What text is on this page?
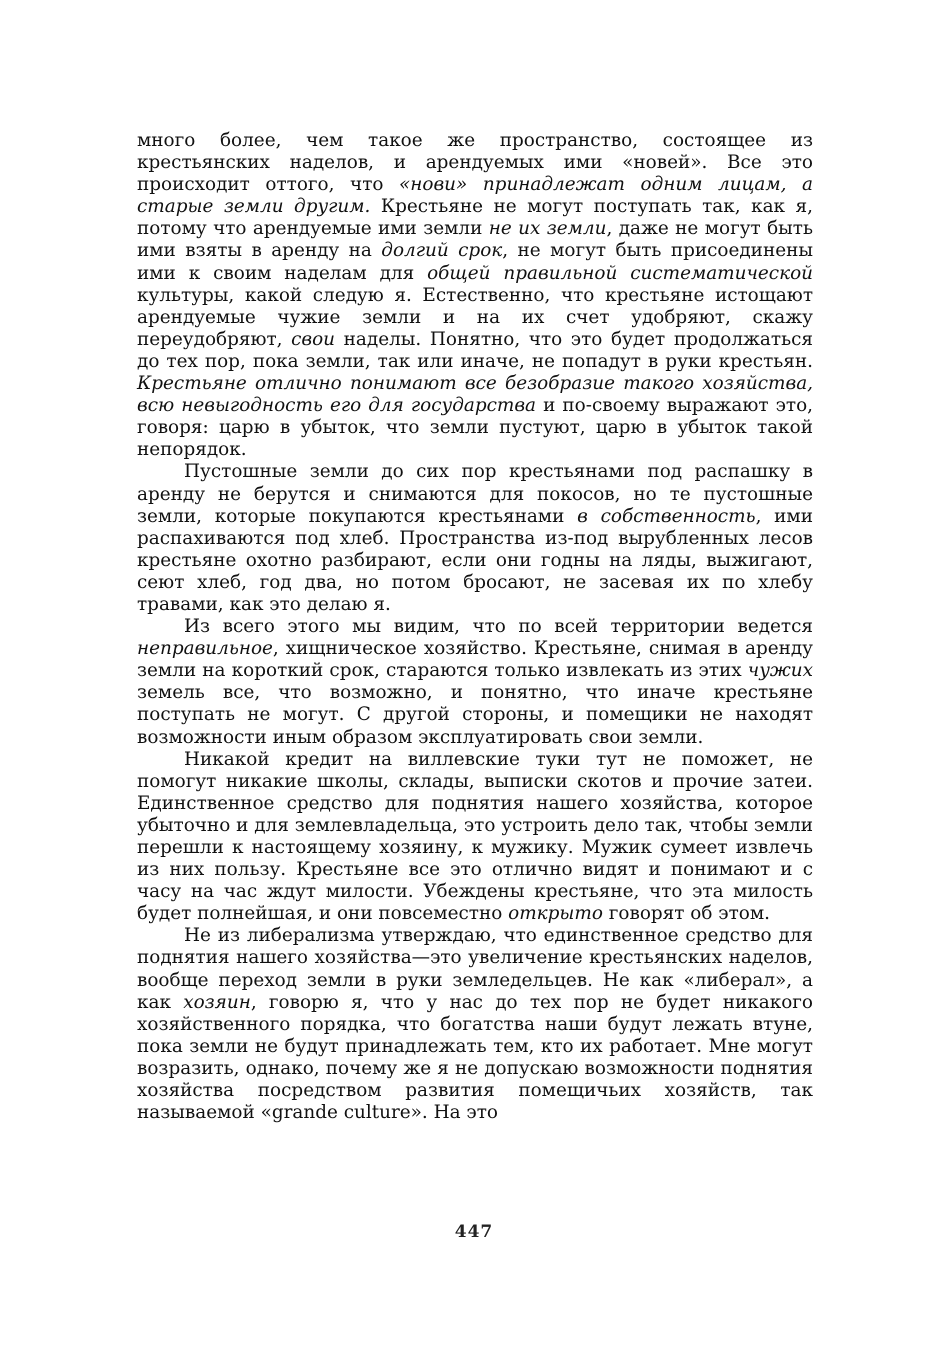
много более, чем такое же пространство, состоящее из крестьянских наделов, и арендуемых ими «новей». Все это происходит оттого, что «нови» принадлежат одним лицам, а старые земли другим. Крестьяне не могут поступать так, как я, потому что арендуемые ими земли не их земли, даже не могут быть ими взяты в аренду на долгий срок, не могут быть присоединены ими к своим наделам для общей правильной систематической культуры, какой следую я. Естественно, что крестьяне истощают арендуемые чужие земли и на их счет удобряют, скажу переудобряют, свои наделы. Понятно, что это будет продолжаться до тех пор, пока земли, так или иначе, не попадут в руки крестьян. Крестьяне отлично понимают все безобразие такого хозяйства, всю невыгодность его для государства и по-своему выражают это, говоря: царю в убыток, что земли пустуют, царю в убыток такой непорядок.

Пустошные земли до сих пор крестьянами под распашку в аренду не берутся и снимаются для покосов, но те пустошные земли, которые покупаются крестьянами в собственность, ими распахиваются под хлеб. Пространства из-под вырубленных лесов крестьяне охотно разбирают, если они годны на ляды, выжигают, сеют хлеб, год два, но потом бросают, не засевая их по хлебу травами, как это делаю я.

Из всего этого мы видим, что по всей территории ведется неправильное, хищническое хозяйство. Крестьяне, снимая в аренду земли на короткий срок, стараются только извлекать из этих чужих земель все, что возможно, и понятно, что иначе крестьяне поступать не могут. С другой стороны, и помещики не находят возможности иным образом эксплуатировать свои земли.

Никакой кредит на виллевские туки тут не поможет, не помогут никакие школы, склады, выписки скотов и прочие затеи. Единственное средство для поднятия нашего хозяйства, которое убыточно и для землевладельца, это устроить дело так, чтобы земли перешли к настоящему хозяину, к мужику. Мужик сумеет извлечь из них пользу. Крестьяне все это отлично видят и понимают и с часу на час ждут милости. Убеждены крестьяне, что эта милость будет полнейшая, и они повсеместно открыто говорят об этом.

Не из либерализма утверждаю, что единственное средство для поднятия нашего хозяйства—это увеличение крестьянских наделов, вообще переход земли в руки земледельцев. Не как «либерал», а как хозяин, говорю я, что у нас до тех пор не будет никакого хозяйственного порядка, что богатства наши будут лежать втуне, пока земли не будут принадлежать тем, кто их работает. Мне могут возразить, однако, почему же я не допускаю возможности поднятия хозяйства посредством развития помещичьих хозяйств, так называемой «grande culture». На это

447
